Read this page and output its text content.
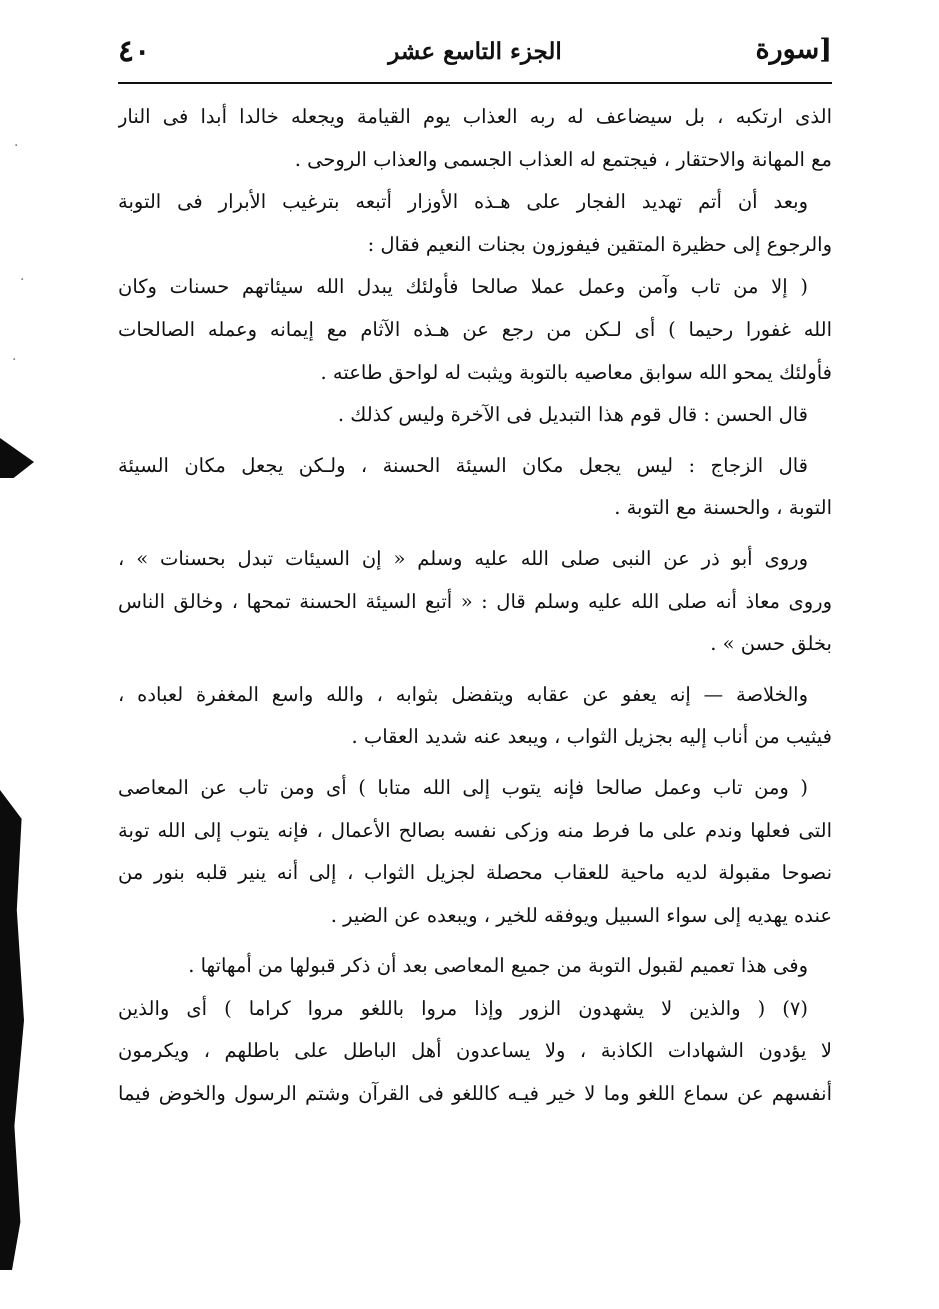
٤٠	الجزء التاسع عشر	[سورة
الذى ارتكبه ، بل سيضاعف له ربه العذاب يوم القيامة ويجعله خالدا أبدا فى النار
مع المهانة والاحتقار ، فيجتمع له العذاب الجسمى والعذاب الروحى .
وبعد أن أتم تهديد الفجار على هـذه الأوزار أتبعه بترغيب الأبرار فى التوبة
والرجوع إلى حظيرة المتقين فيفوزون بجنات النعيم فقال :
( إلا من تاب وآمن وعمل عملا صالحا فأولئك يبدل الله سيئاتهم حسنات وكان
الله غفورا رحيما ) أى لـكن من رجع عن هـذه الآثام مع إيمانه وعمله الصالحات
فأولئك يمحو الله سوابق معاصيه بالتوبة ويثبت له لواحق طاعته .
قال الحسن : قال قوم هذا التبديل فى الآخرة وليس كذلك .
قال الزجاج : ليس يجعل مكان السيئة الحسنة ، ولـكن يجعل مكان السيئة
التوبة ، والحسنة مع التوبة .
وروى أبو ذر عن النبى صلى الله عليه وسلم « إن السيئات تبدل بحسنات » ،
وروى معاذ أنه صلى الله عليه وسلم قال : « أتبع السيئة الحسنة تمحها ، وخالق الناس
بخلق حسن » .
والخلاصة — إنه يعفو عن عقابه ويتفضل بثوابه ، والله واسع المغفرة لعباده ،
فيثيب من أناب إليه بجزيل الثواب ، ويبعد عنه شديد العقاب .
( ومن تاب وعمل صالحا فإنه يتوب إلى الله متابا ) أى ومن تاب عن المعاصى
التى فعلها وندم على ما فرط منه وزكى نفسه بصالح الأعمال ، فإنه يتوب إلى الله توبة
نصوحا مقبولة لديه ماحية للعقاب محصلة لجزيل الثواب ، إلى أنه ينير قلبه بنور من
عنده يهديه إلى سواء السبيل ويوفقه للخير ، ويبعده عن الضير .
وفى هذا تعميم لقبول التوبة من جميع المعاصى بعد أن ذكر قبولها من أمهاتها .
(٧) ( والذين لا يشهدون الزور وإذا مروا باللغو مروا كراما ) أى والذين
لا يؤدون الشهادات الكاذبة ، ولا يساعدون أهل الباطل على باطلهم ، ويكرمون
أنفسهم عن سماع اللغو وما لا خير فيـه كاللغو فى القرآن وشتم الرسول والخوض فيما
·
·
·
